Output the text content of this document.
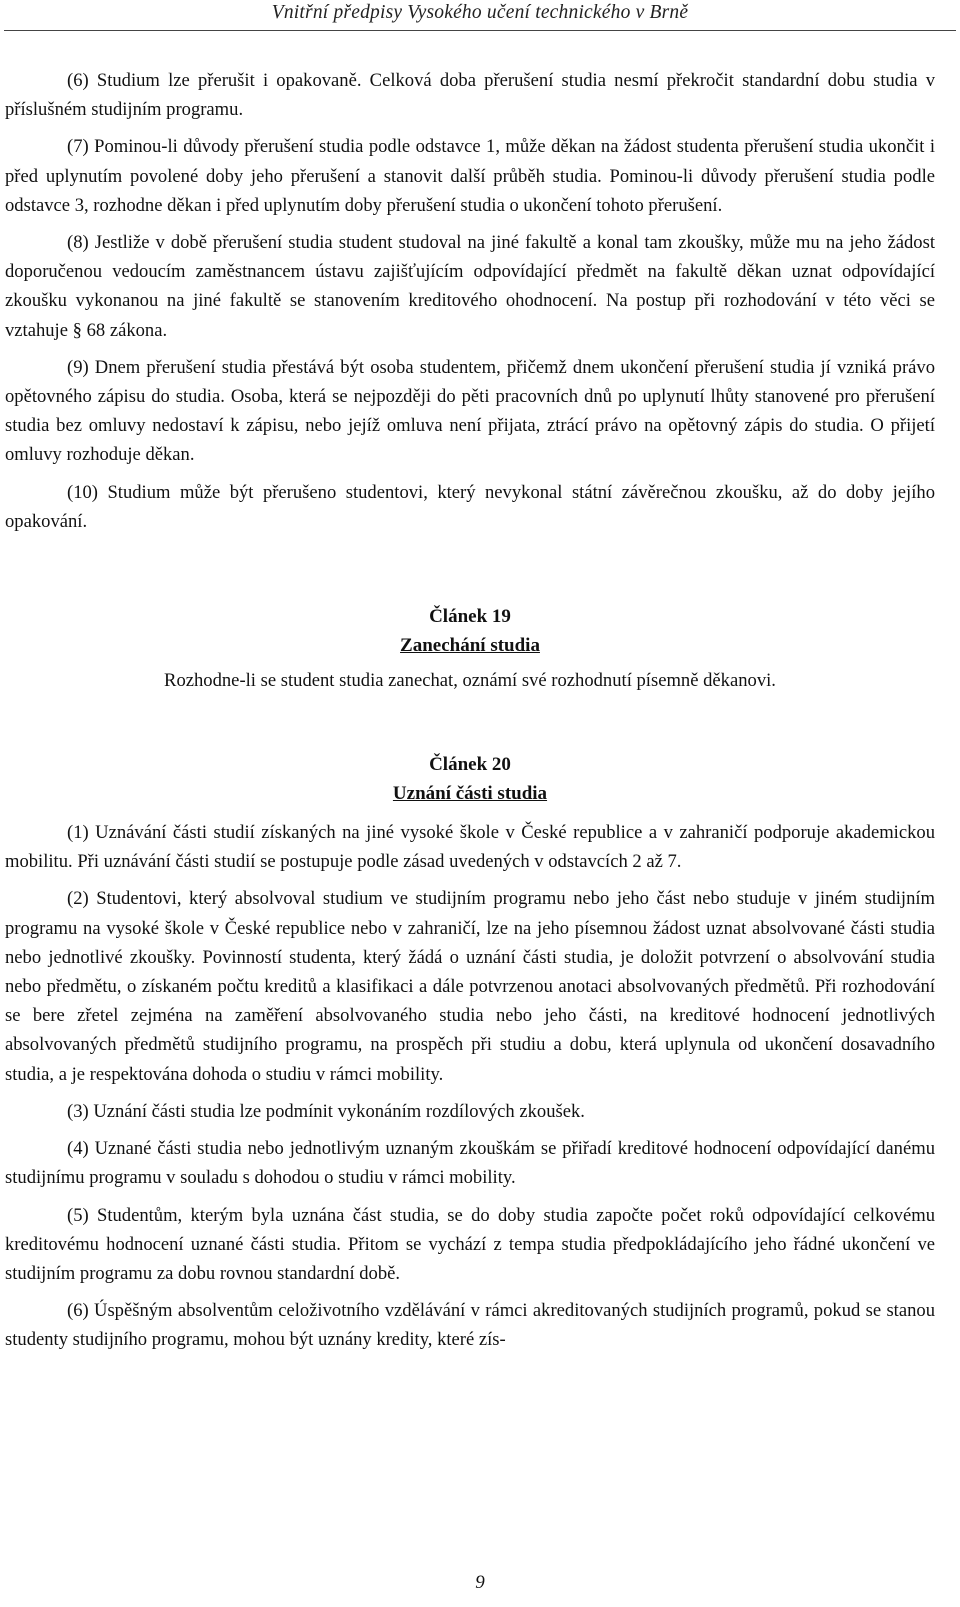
Vnitřní předpisy Vysokého učení technického v Brně

(6) Studium lze přerušit i opakovaně. Celková doba přerušení studia nesmí překročit standardní dobu studia v příslušném studijním programu.

(7) Pominou-li důvody přerušení studia podle odstavce 1, může děkan na žádost studenta přerušení studia ukončit i před uplynutím povolené doby jeho přerušení a stanovit další průběh studia. Pominou-li důvody přerušení studia podle odstavce 3, rozhodne děkan i před uplynutím doby přerušení studia o ukončení tohoto přerušení.

(8) Jestliže v době přerušení studia student studoval na jiné fakultě a konal tam zkoušky, může mu na jeho žádost doporučenou vedoucím zaměstnancem ústavu zajišťujícím odpovídající předmět na fakultě děkan uznat odpovídající zkoušku vykonanou na jiné fakultě se stanovením kreditového ohodnocení. Na postup při rozhodování v této věci se vztahuje § 68 zákona.

(9) Dnem přerušení studia přestává být osoba studentem, přičemž dnem ukončení přerušení studia jí vzniká právo opětovného zápisu do studia. Osoba, která se nejpozději do pěti pracovních dnů po uplynutí lhůty stanovené pro přerušení studia bez omluvy nedostaví k zápisu, nebo jejíž omluva není přijata, ztrácí právo na opětovný zápis do studia. O přijetí omluvy rozhoduje děkan.

(10) Studium může být přerušeno studentovi, který nevykonal státní závěrečnou zkoušku, až do doby jejího opakování.

Článek 19
Zanechání studia

Rozhodne-li se student studia zanechat, oznámí své rozhodnutí písemně děkanovi.

Článek 20
Uznání části studia

(1) Uznávání části studií získaných na jiné vysoké škole v České republice a v zahraničí podporuje akademickou mobilitu. Při uznávání části studií se postupuje podle zásad uvedených v odstavcích 2 až 7.

(2) Studentovi, který absolvoval studium ve studijním programu nebo jeho část nebo studuje v jiném studijním programu na vysoké škole v České republice nebo v zahraničí, lze na jeho písemnou žádost uznat absolvované části studia nebo jednotlivé zkoušky. Povinností studenta, který žádá o uznání části studia, je doložit potvrzení o absolvování studia nebo předmětu, o získaném počtu kreditů a klasifikaci a dále potvrzenou anotaci absolvovaných předmětů. Při rozhodování se bere zřetel zejména na zaměření absolvovaného studia nebo jeho části, na kreditové hodnocení jednotlivých absolvovaných předmětů studijního programu, na prospěch při studiu a dobu, která uplynula od ukončení dosavadního studia, a je respektována dohoda o studiu v rámci mobility.

(3) Uznání části studia lze podmínit vykonáním rozdílových zkoušek.

(4) Uznané části studia nebo jednotlivým uznaným zkouškám se přiřadí kreditové hodnocení odpovídající danému studijnímu programu v souladu s dohodou o studiu v rámci mobility.

(5) Studentům, kterým byla uznána část studia, se do doby studia započte počet roků odpovídající celkovému kreditovému hodnocení uznané části studia. Přitom se vychází z tempa studia předpokládajícího jeho řádné ukončení ve studijním programu za dobu rovnou standardní době.

(6) Úspěšným absolventům celoživotního vzdělávání v rámci akreditovaných studijních programů, pokud se stanou studenty studijního programu, mohou být uznány kredity, které zís-

9
